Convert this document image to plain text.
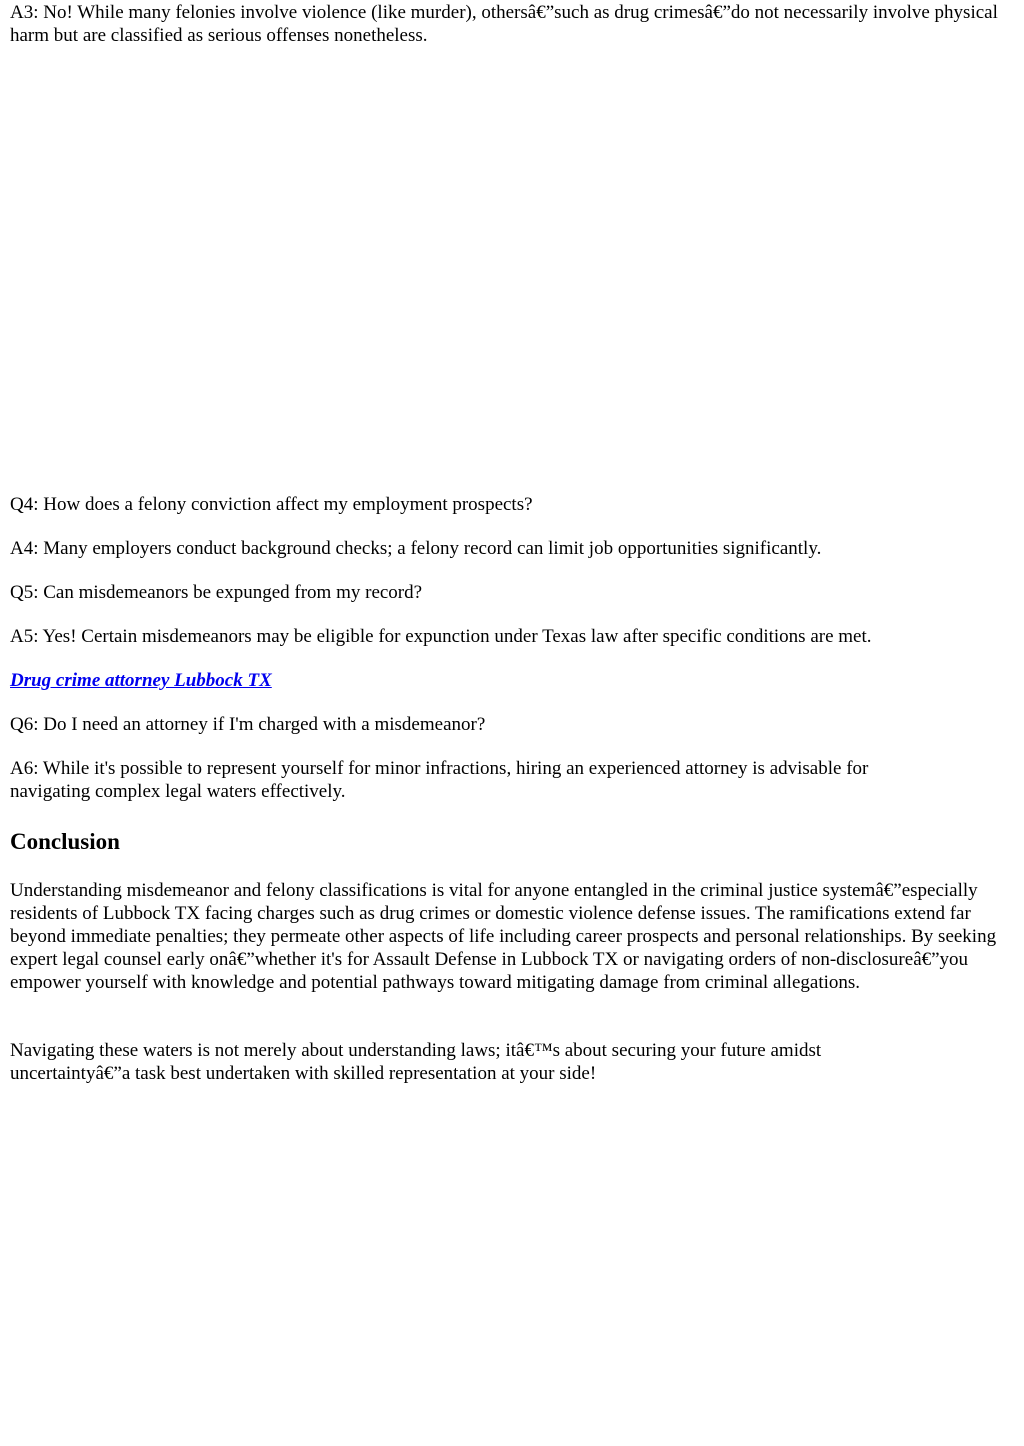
A3: No! While many felonies involve violence (like murder), othersâ€”such as drug crimesâ€”do not necessarily involve physical harm but are classified as serious offenses nonetheless.

Q4: How does a felony conviction affect my employment prospects?

A4: Many employers conduct background checks; a felony record can limit job opportunities significantly.

Q5: Can misdemeanors be expunged from my record?

A5: Yes! Certain misdemeanors may be eligible for expunction under Texas law after specific conditions are met.

Drug crime attorney Lubbock TX

Q6: Do I need an attorney if I'm charged with a misdemeanor?

A6: While it's possible to represent yourself for minor infractions, hiring an experienced attorney is advisable for navigating complex legal waters effectively.

Conclusion

Understanding misdemeanor and felony classifications is vital for anyone entangled in the criminal justice systemâ€”especially residents of Lubbock TX facing charges such as drug crimes or domestic violence defense issues. The ramifications extend far beyond immediate penalties; they permeate other aspects of life including career prospects and personal relationships. By seeking expert legal counsel early onâ€”whether it's for Assault Defense in Lubbock TX or navigating orders of non-disclosureâ€”you empower yourself with knowledge and potential pathways toward mitigating damage from criminal allegations.

Navigating these waters is not merely about understanding laws; itâ€™s about securing your future amidst uncertaintyâ€”a task best undertaken with skilled representation at your side!
